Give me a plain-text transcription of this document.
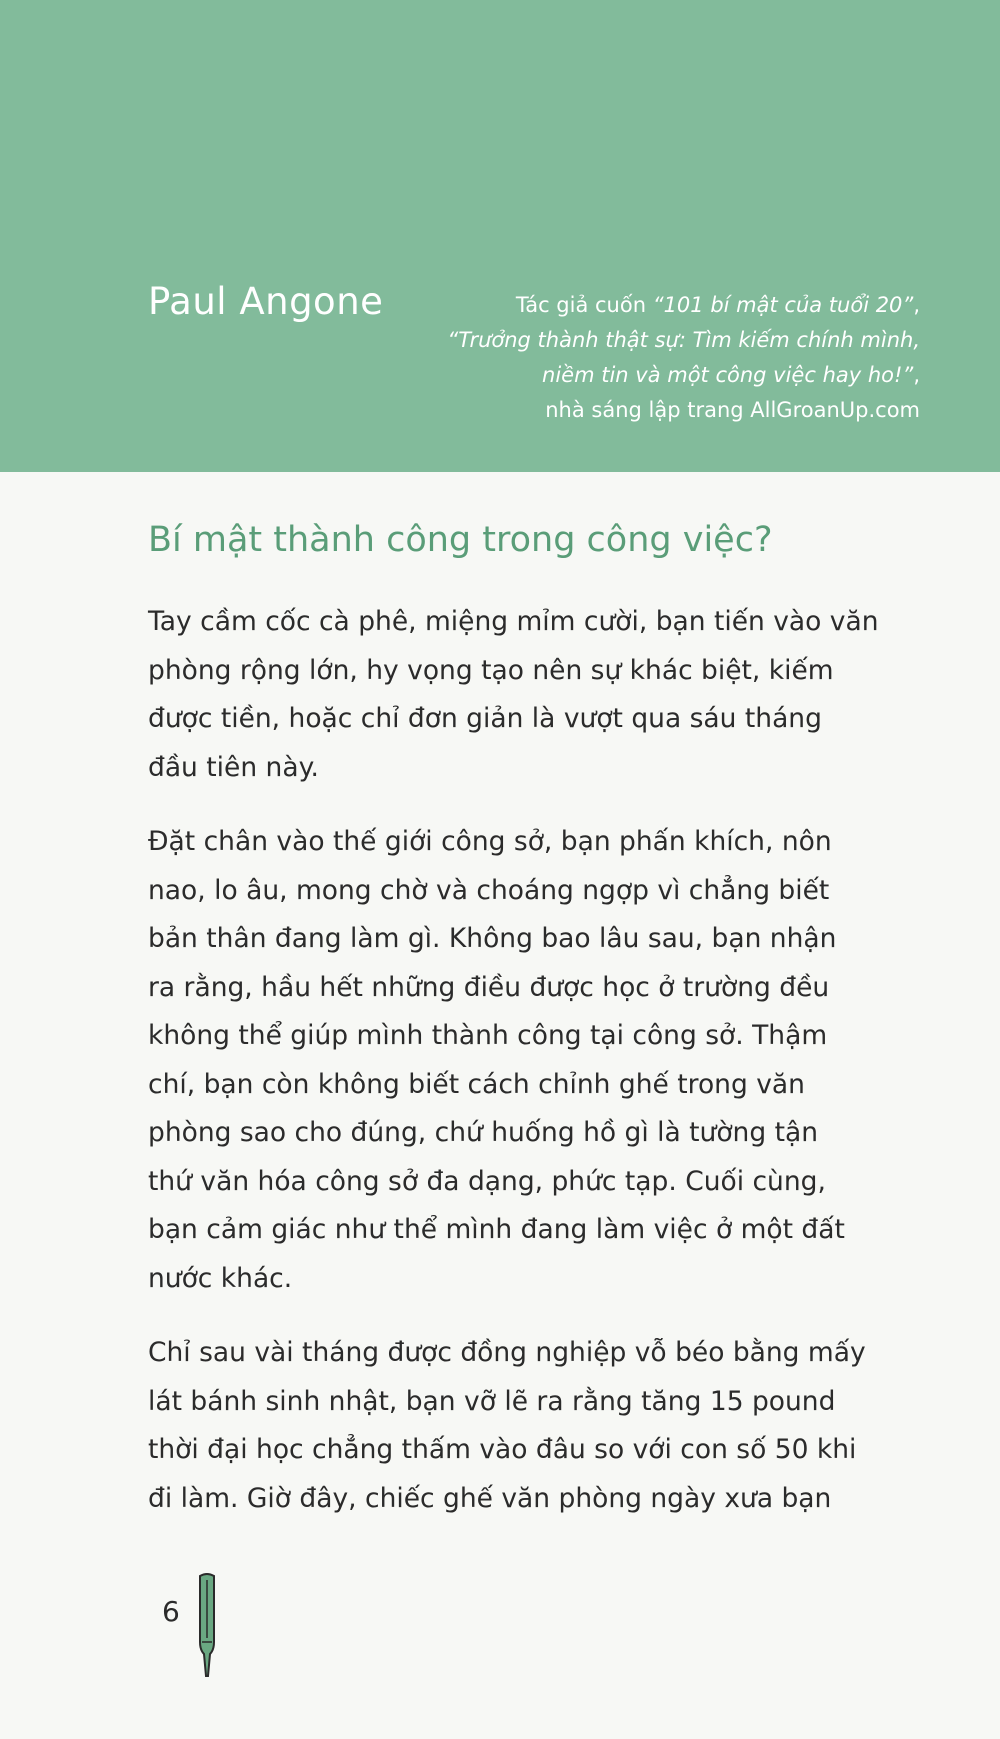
Paul Angone	Tác giả cuốn “101 bí mật của tuổi 20”,
“Trưởng thành thật sự: Tìm kiếm chính mình,
niềm tin và một công việc hay ho!”,
nhà sáng lập trang AllGroanUp.com
Bí mật thành công trong công việc?

Tay cầm cốc cà phê, miệng mỉm cười, bạn tiến vào văn
phòng rộng lớn, hy vọng tạo nên sự khác biệt, kiếm
được tiền, hoặc chỉ đơn giản là vượt qua sáu tháng
đầu tiên này.

Đặt chân vào thế giới công sở, bạn phấn khích, nôn
nao, lo âu, mong chờ và choáng ngợp vì chẳng biết
bản thân đang làm gì. Không bao lâu sau, bạn nhận
ra rằng, hầu hết những điều được học ở trường đều
không thể giúp mình thành công tại công sở. Thậm
chí, bạn còn không biết cách chỉnh ghế trong văn
phòng sao cho đúng, chứ huống hồ gì là tường tận
thứ văn hóa công sở đa dạng, phức tạp. Cuối cùng,
bạn cảm giác như thể mình đang làm việc ở một đất
nước khác.

Chỉ sau vài tháng được đồng nghiệp vỗ béo bằng mấy
lát bánh sinh nhật, bạn vỡ lẽ ra rằng tăng 15 pound
thời đại học chẳng thấm vào đâu so với con số 50 khi
đi làm. Giờ đây, chiếc ghế văn phòng ngày xưa bạn

6
